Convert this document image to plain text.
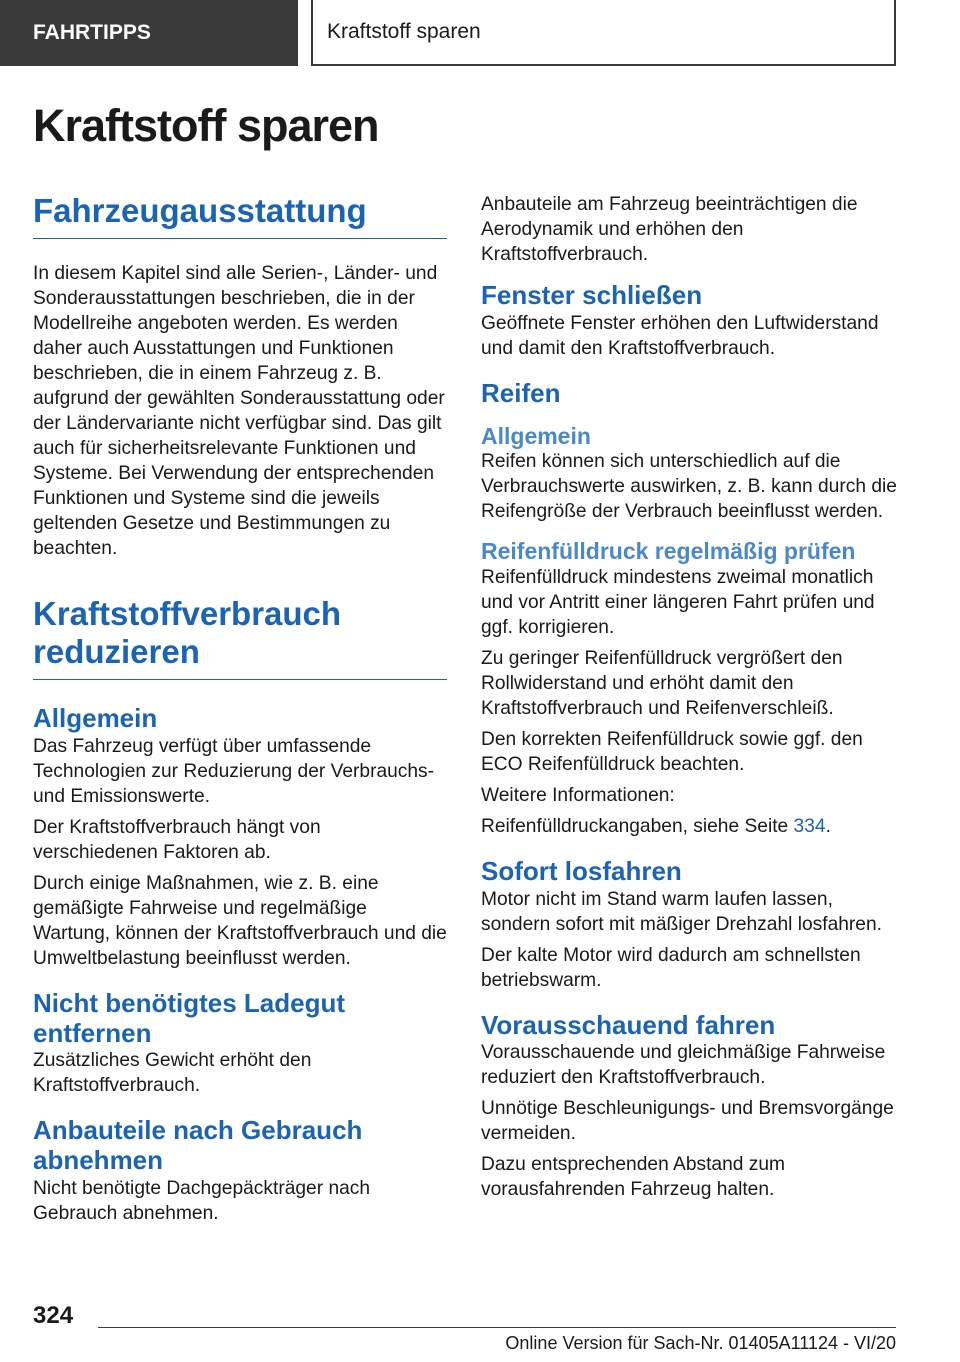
FAHRTIPPS	Kraftstoff sparen
Kraftstoff sparen
Fahrzeugausstattung

In diesem Kapitel sind alle Serien-, Länder- und Sonderausstattungen beschrieben, die in der Modellreihe angeboten werden. Es werden daher auch Ausstattungen und Funktionen beschrieben, die in einem Fahrzeug z. B. aufgrund der gewählten Sonderausstattung oder der Ländervariante nicht verfügbar sind. Das gilt auch für sicherheitsrelevante Funktionen und Systeme. Bei Verwendung der entsprechenden Funktionen und Systeme sind die jeweils geltenden Gesetze und Bestimmungen zu beachten.

Kraftstoffverbrauch reduzieren
Allgemein

Das Fahrzeug verfügt über umfassende Technologien zur Reduzierung der Verbrauchs- und Emissionswerte.

Der Kraftstoffverbrauch hängt von verschiedenen Faktoren ab.

Durch einige Maßnahmen, wie z. B. eine gemäßigte Fahrweise und regelmäßige Wartung, können der Kraftstoffverbrauch und die Umweltbelastung beeinflusst werden.

Nicht benötigtes Ladegut entfernen

Zusätzliches Gewicht erhöht den Kraftstoffverbrauch.

Anbauteile nach Gebrauch abnehmen

Nicht benötigte Dachgepäckträger nach Gebrauch abnehmen.

Anbauteile am Fahrzeug beeinträchtigen die Aerodynamik und erhöhen den Kraftstoffverbrauch.

Fenster schließen

Geöffnete Fenster erhöhen den Luftwiderstand und damit den Kraftstoffverbrauch.

Reifen
Allgemein

Reifen können sich unterschiedlich auf die Verbrauchswerte auswirken, z. B. kann durch die Reifengröße der Verbrauch beeinflusst werden.

Reifenfülldruck regelmäßig prüfen

Reifenfülldruck mindestens zweimal monatlich und vor Antritt einer längeren Fahrt prüfen und ggf. korrigieren.

Zu geringer Reifenfülldruck vergrößert den Rollwiderstand und erhöht damit den Kraftstoffverbrauch und Reifenverschleiß.

Den korrekten Reifenfülldruck sowie ggf. den ECO Reifenfülldruck beachten.

Weitere Informationen:

Reifenfülldruckangaben, siehe Seite 334.

Sofort losfahren

Motor nicht im Stand warm laufen lassen, sondern sofort mit mäßiger Drehzahl losfahren.

Der kalte Motor wird dadurch am schnellsten betriebswarm.

Vorausschauend fahren

Vorausschauende und gleichmäßige Fahrweise reduziert den Kraftstoffverbrauch.

Unnötige Beschleunigungs- und Bremsvorgänge vermeiden.

Dazu entsprechenden Abstand zum vorausfahrenden Fahrzeug halten.

324
Online Version für Sach-Nr. 01405A11124 - VI/20
